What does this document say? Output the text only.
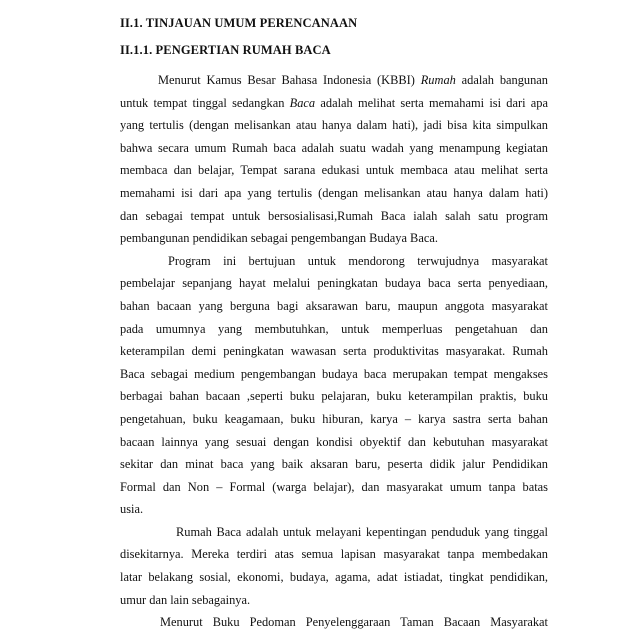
II.1. TINJAUAN UMUM PERENCANAAN
II.1.1. PENGERTIAN RUMAH BACA

Menurut Kamus Besar Bahasa Indonesia (KBBI) Rumah adalah bangunan
untuk tempat tinggal sedangkan Baca adalah melihat serta memahami isi dari apa
yang tertulis (dengan melisankan atau hanya dalam hati), jadi bisa kita simpulkan
bahwa secara umum Rumah baca adalah suatu wadah yang menampung kegiatan
membaca dan belajar, Tempat sarana edukasi untuk membaca atau melihat serta
memahami isi dari apa yang tertulis (dengan melisankan atau hanya dalam hati)
dan sebagai tempat untuk bersosialisasi,Rumah Baca ialah salah satu program
pembangunan pendidikan sebagai pengembangan Budaya Baca.

Program ini bertujuan untuk mendorong terwujudnya masyarakat
pembelajar sepanjang hayat melalui peningkatan budaya baca serta penyediaan,
bahan bacaan yang berguna bagi aksarawan baru, maupun anggota masyarakat
pada umumnya yang membutuhkan, untuk memperluas pengetahuan dan
keterampilan demi peningkatan wawasan serta produktivitas masyarakat. Rumah
Baca sebagai medium pengembangan budaya baca merupakan tempat mengakses
berbagai bahan bacaan ,seperti buku pelajaran, buku keterampilan praktis, buku
pengetahuan, buku keagamaan, buku hiburan, karya – karya sastra serta bahan
bacaan lainnya yang sesuai dengan kondisi obyektif dan kebutuhan masyarakat
sekitar dan minat baca yang baik aksaran baru, peserta didik jalur Pendidikan
Formal dan Non – Formal (warga belajar), dan masyarakat umum tanpa batas
usia.

Rumah Baca adalah untuk melayani kepentingan penduduk yang tinggal
disekitarnya. Mereka terdiri atas semua lapisan masyarakat tanpa membedakan
latar belakang sosial, ekonomi, budaya, agama, adat istiadat, tingkat pendidikan,
umur dan lain sebagainya.

Menurut Buku Pedoman Penyelenggaraan Taman Bacaan Masyarakat
